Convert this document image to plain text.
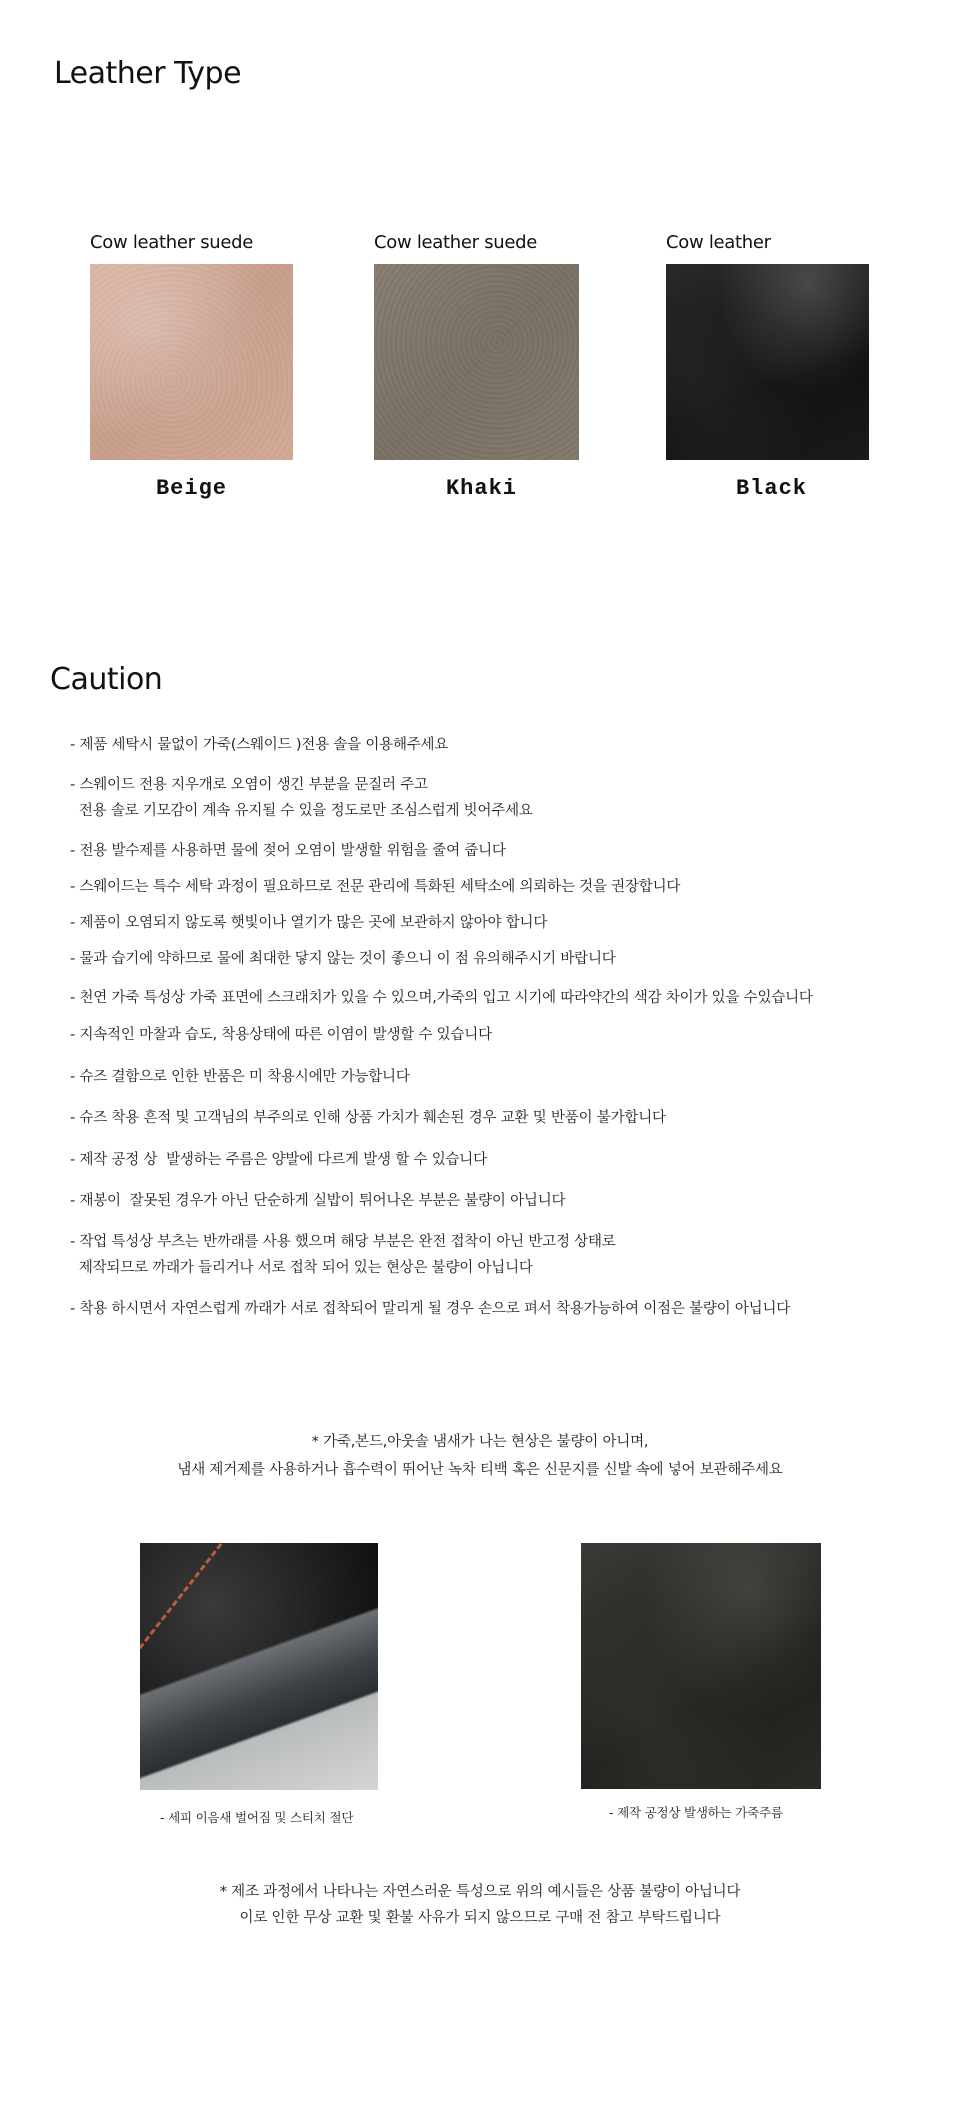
Leather Type
Cow leather suede
Beige
Cow leather suede
Khaki
Cow leather
Black
Caution
- 제품 세탁시 물없이 가죽(스웨이드 )전용 솔을 이용해주세요
- 스웨이드 전용 지우개로 오염이 생긴 부분을 문질러 주고
전용 솔로 기모감이 계속 유지될 수 있을 정도로만 조심스럽게 빗어주세요
- 전용 발수제를 사용하면 물에 젖어 오염이 발생할 위험을 줄여 줍니다
- 스웨이드는 특수 세탁 과정이 필요하므로 전문 관리에 특화된 세탁소에 의뢰하는 것을 권장합니다
- 제품이 오염되지 않도록 햇빛이나 열기가 많은 곳에 보관하지 않아야 합니다
- 물과 습기에 약하므로 물에 최대한 닿지 않는 것이 좋으니 이 점 유의해주시기 바랍니다
- 천연 가죽 특성상 가죽 표면에 스크래치가 있을 수 있으며,가죽의 입고 시기에 따라약간의 색감 차이가 있을 수있습니다
- 지속적인 마찰과 습도, 착용상태에 따른 이염이 발생할 수 있습니다
- 슈즈 결함으로 인한 반품은 미 착용시에만 가능합니다
- 슈즈 착용 흔적 및 고객님의 부주의로 인해 상품 가치가 훼손된 경우 교환 및 반품이 불가합니다
- 제작 공정 상  발생하는 주름은 양발에 다르게 발생 할 수 있습니다
- 재봉이  잘못된 경우가 아닌 단순하게 실밥이 튀어나온 부분은 불량이 아닙니다
- 작업 특성상 부츠는 반까래를 사용 했으며 해당 부분은 완전 접착이 아닌 반고정 상태로
제작되므로 까래가 들리거나 서로 접착 되어 있는 현상은 불량이 아닙니다
- 착용 하시면서 자연스럽게 까래가 서로 접착되어 말리게 될 경우 손으로 펴서 착용가능하여 이점은 불량이 아닙니다
* 가죽,본드,아웃솔 냄새가 나는 현상은 불량이 아니며,
냄새 제거제를 사용하거나 흡수력이 뛰어난 녹차 티백 혹은 신문지를 신발 속에 넣어 보관해주세요
- 세피 이음새 벌어짐 및 스티치 절단	- 제작 공정상 발생하는 가죽주름
* 제조 과정에서 나타나는 자연스러운 특성으로 위의 예시들은 상품 불량이 아닙니다
이로 인한 무상 교환 및 환불 사유가 되지 않으므로 구매 전 참고 부탁드립니다
